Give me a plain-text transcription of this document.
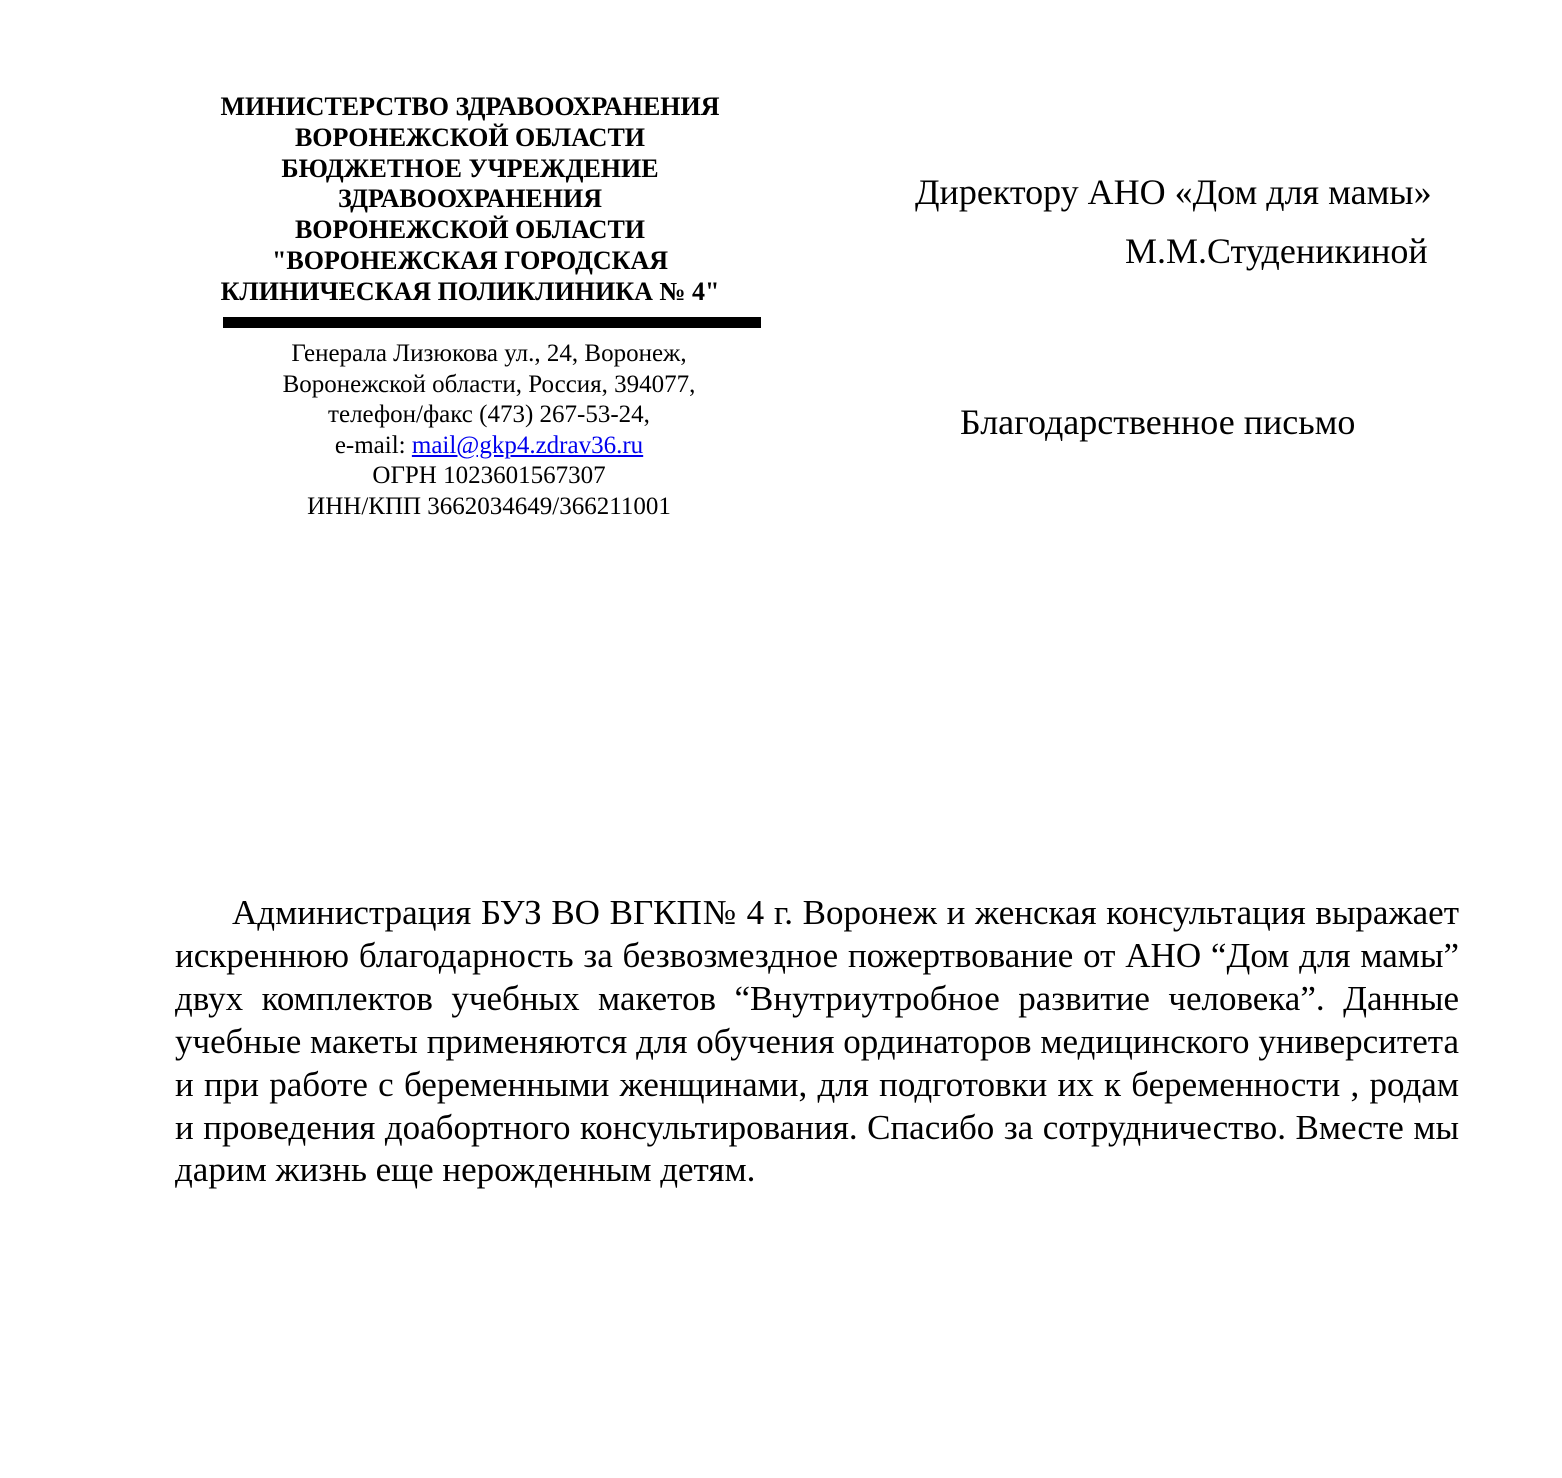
МИНИСТЕРСТВО ЗДРАВООХРАНЕНИЯ
ВОРОНЕЖСКОЙ ОБЛАСТИ
БЮДЖЕТНОЕ УЧРЕЖДЕНИЕ
ЗДРАВООХРАНЕНИЯ
ВОРОНЕЖСКОЙ ОБЛАСТИ
"ВОРОНЕЖСКАЯ ГОРОДСКАЯ
КЛИНИЧЕСКАЯ ПОЛИКЛИНИКА № 4"
Генерала Лизюкова ул., 24, Воронеж,
Воронежской области, Россия, 394077,
телефон/факс (473) 267-53-24,
e-mail: mail@gkp4.zdrav36.ru
ОГРН 1023601567307
ИНН/КПП 3662034649/366211001
Директору АНО «Дом для мамы»
М.М.Студеникиной
Благодарственное письмо

Администрация БУЗ ВО ВГКП№ 4 г. Воронеж и женская консультация выражает искреннюю благодарность за безвозмездное пожертвование от АНО “Дом для мамы” двух комплектов учебных макетов “Внутриутробное развитие человека”. Данные учебные макеты применяются для обучения ординаторов медицинского университета и при работе с беременными женщинами, для подготовки их к беременности , родам и проведения доабортного консультирования. Спасибо за сотрудничество. Вместе мы дарим жизнь еще нерожденным детям.
